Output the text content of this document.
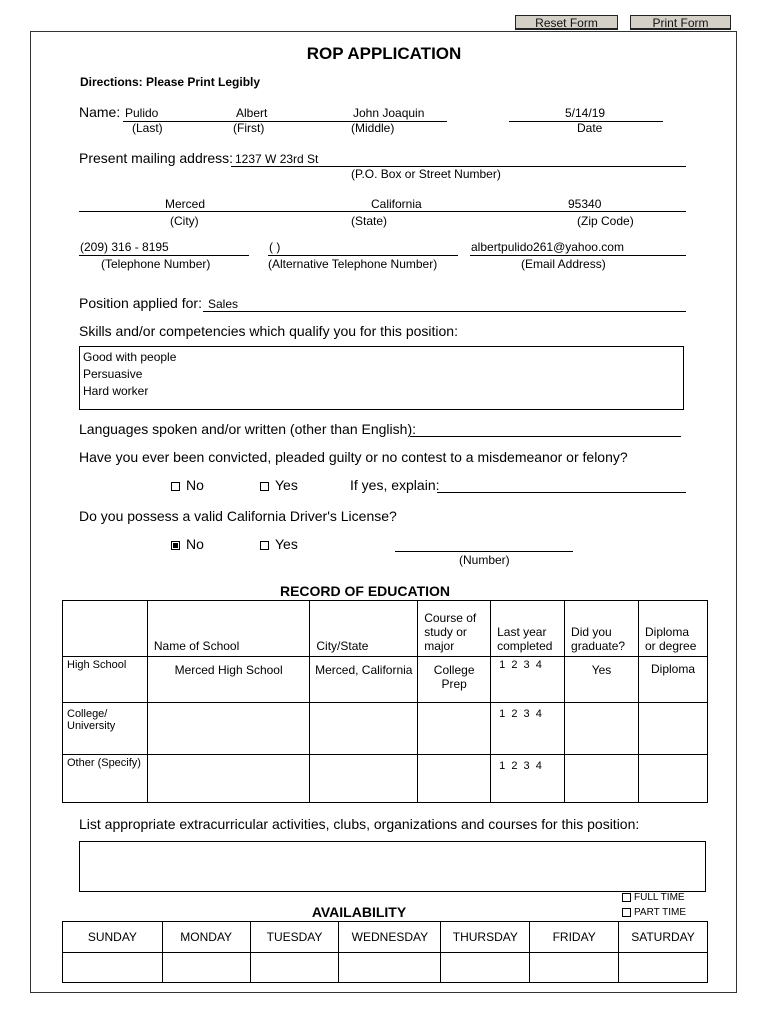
Reset Form	Print Form
ROP APPLICATION
Directions: Please Print Legibly
Name: Pulido	Albert	John Joaquin	5/14/19
(Last)	(First)	(Middle)	Date
Present mailing address: 1237 W 23rd St
(P.O. Box or Street Number)
Merced	California	95340
(City)	(State)	(Zip Code)
(209) 316 - 8195	( )	albertpulido261@yahoo.com
(Telephone Number)	(Alternative Telephone Number)	(Email Address)
Position applied for: Sales
Skills and/or competencies which qualify you for this position:
Good with people
Persuasive
Hard worker
Languages spoken and/or written (other than English):
Have you ever been convicted, pleaded guilty or no contest to a misdemeanor or felony?
No	Yes	If yes, explain:
Do you possess a valid California Driver's License?
No	Yes
(Number)
RECORD OF EDUCATION
	Name of School	City/State	Course of study or major	Last year completed	Did you graduate?	Diploma or degree
High School	Merced High School	Merced, California	College Prep	1  2  3  4	Yes	Diploma
College/ University				1  2  3  4		
Other (Specify)				1  2  3  4		
List appropriate extracurricular activities, clubs, organizations and courses for this position:
FULL TIME
PART TIME
AVAILABILITY
SUNDAY	MONDAY	TUESDAY	WEDNESDAY	THURSDAY	FRIDAY	SATURDAY
